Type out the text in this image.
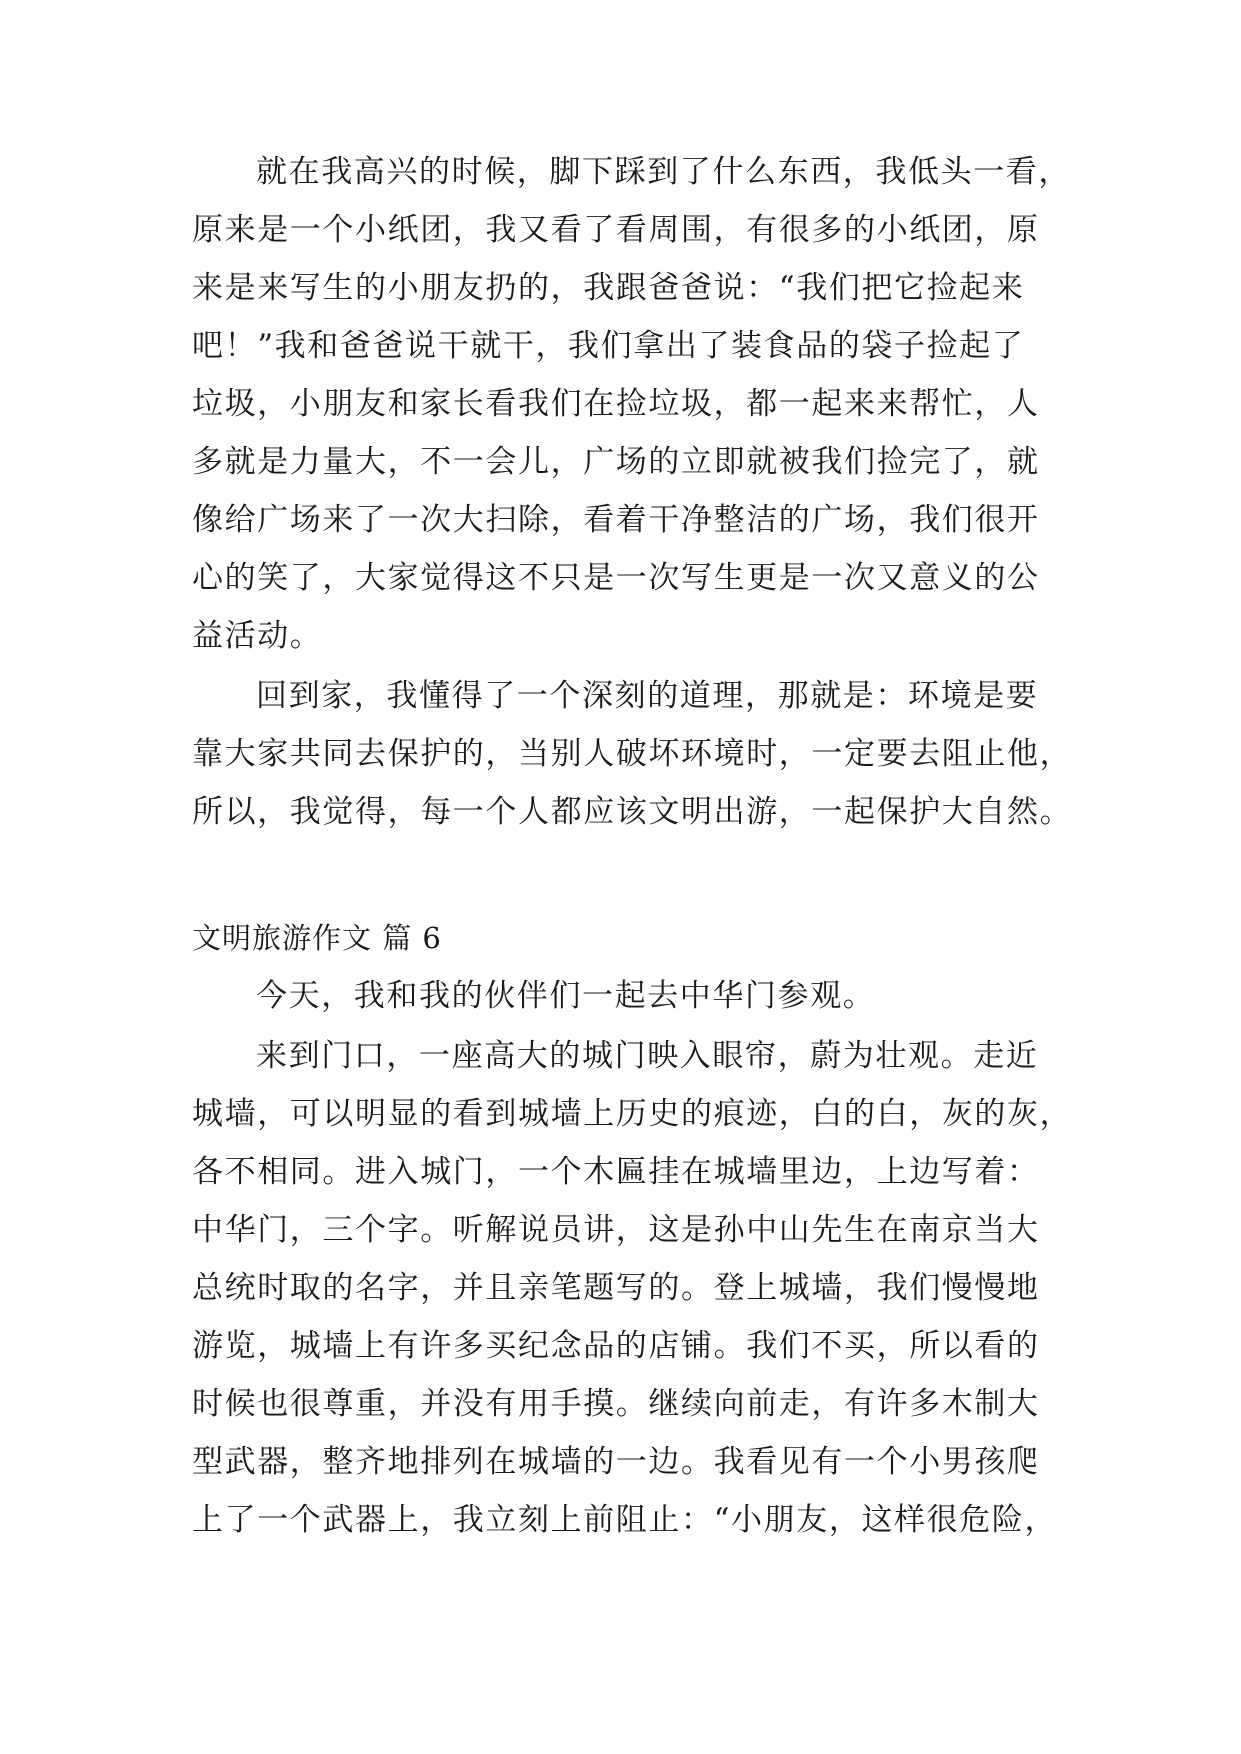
就在我高兴的时候，脚下踩到了什么东西，我低头一看，
原来是一个小纸团，我又看了看周围，有很多的小纸团，原
来是来写生的小朋友扔的，我跟爸爸说：“我们把它捡起来
吧！”我和爸爸说干就干，我们拿出了装食品的袋子捡起了
垃圾，小朋友和家长看我们在捡垃圾，都一起来来帮忙，人
多就是力量大，不一会儿，广场的立即就被我们捡完了，就
像给广场来了一次大扫除，看着干净整洁的广场，我们很开
心的笑了，大家觉得这不只是一次写生更是一次又意义的公
益活动。
回到家，我懂得了一个深刻的道理，那就是：环境是要
靠大家共同去保护的，当别人破坏环境时，一定要去阻止他，
所以，我觉得，每一个人都应该文明出游，一起保护大自然。
文明旅游作文 篇 6
今天，我和我的伙伴们一起去中华门参观。
来到门口，一座高大的城门映入眼帘，蔚为壮观。走近
城墙，可以明显的看到城墙上历史的痕迹，白的白，灰的灰，
各不相同。进入城门，一个木匾挂在城墙里边，上边写着：
中华门，三个字。听解说员讲，这是孙中山先生在南京当大
总统时取的名字，并且亲笔题写的。登上城墙，我们慢慢地
游览，城墙上有许多买纪念品的店铺。我们不买，所以看的
时候也很尊重，并没有用手摸。继续向前走，有许多木制大
型武器，整齐地排列在城墙的一边。我看见有一个小男孩爬
上了一个武器上，我立刻上前阻止：“小朋友，这样很危险，
